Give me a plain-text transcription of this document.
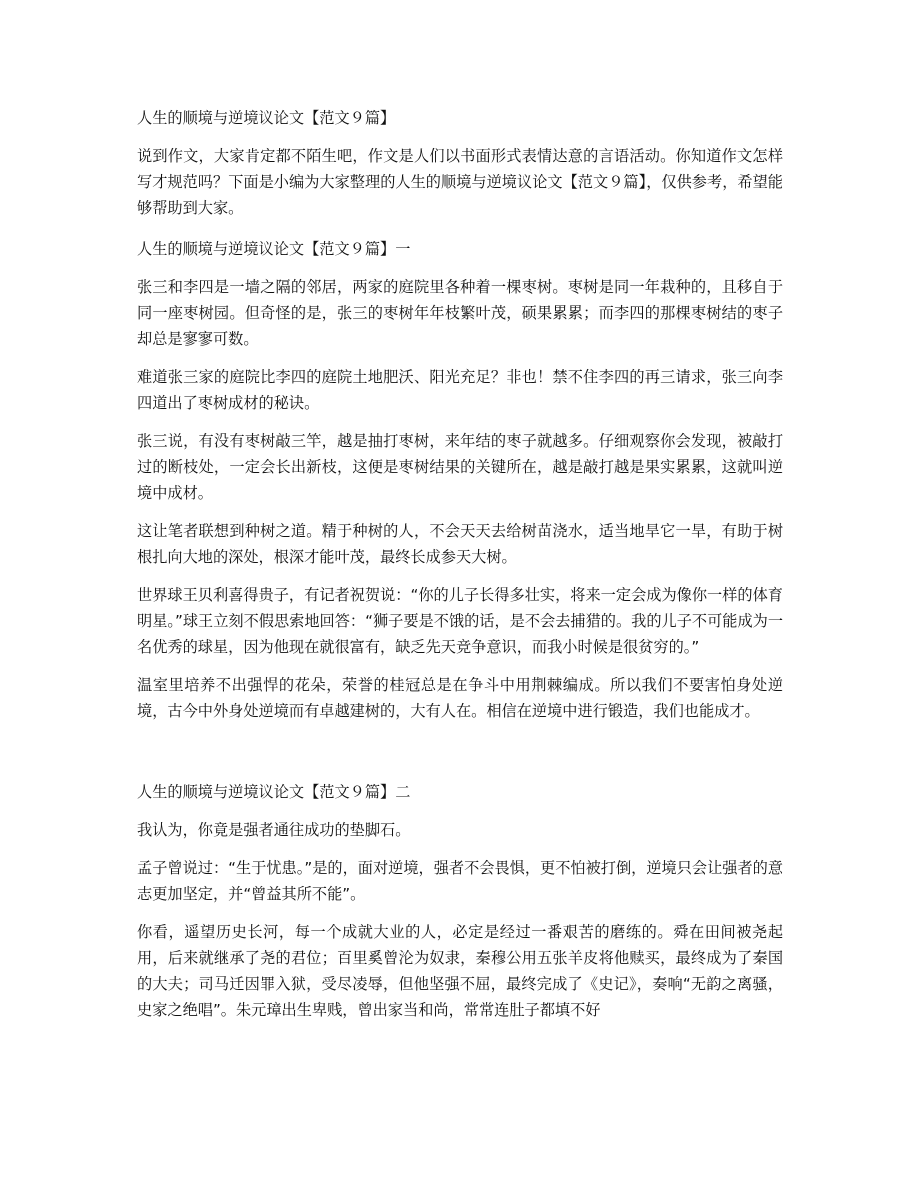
人生的顺境与逆境议论文【范文９篇】

说到作文，大家肯定都不陌生吧，作文是人们以书面形式表情达意的言语活动。你知道作文怎样写才规范吗？下面是小编为大家整理的人生的顺境与逆境议论文【范文９篇】，仅供参考，希望能够帮助到大家。

人生的顺境与逆境议论文【范文９篇】一

张三和李四是一墙之隔的邻居，两家的庭院里各种着一棵枣树。枣树是同一年栽种的，且移自于同一座枣树园。但奇怪的是，张三的枣树年年枝繁叶茂，硕果累累；而李四的那棵枣树结的枣子却总是寥寥可数。

难道张三家的庭院比李四的庭院土地肥沃、阳光充足？非也！禁不住李四的再三请求，张三向李四道出了枣树成材的秘诀。

张三说，有没有枣树敲三竿，越是抽打枣树，来年结的枣子就越多。仔细观察你会发现，被敲打过的断枝处，一定会长出新枝，这便是枣树结果的关键所在，越是敲打越是果实累累，这就叫逆境中成材。

这让笔者联想到种树之道。精于种树的人，不会天天去给树苗浇水，适当地旱它一旱，有助于树根扎向大地的深处，根深才能叶茂，最终长成参天大树。

世界球王贝利喜得贵子，有记者祝贺说：“你的儿子长得多壮实，将来一定会成为像你一样的体育明星。”球王立刻不假思索地回答：“狮子要是不饿的话，是不会去捕猎的。我的儿子不可能成为一名优秀的球星，因为他现在就很富有，缺乏先天竞争意识，而我小时候是很贫穷的。”

温室里培养不出强悍的花朵，荣誉的桂冠总是在争斗中用荆棘编成。所以我们不要害怕身处逆境，古今中外身处逆境而有卓越建树的，大有人在。相信在逆境中进行锻造，我们也能成才。

人生的顺境与逆境议论文【范文９篇】二

我认为，你竟是强者通往成功的垫脚石。

孟子曾说过：“生于忧患。”是的，面对逆境，强者不会畏惧，更不怕被打倒，逆境只会让强者的意志更加坚定，并“曾益其所不能”。

你看，遥望历史长河，每一个成就大业的人，必定是经过一番艰苦的磨练的。舜在田间被尧起用，后来就继承了尧的君位；百里奚曾沦为奴隶，秦穆公用五张羊皮将他赎买，最终成为了秦国的大夫；司马迁因罪入狱，受尽凌辱，但他坚强不屈，最终完成了《史记》，奏响“无韵之离骚，史家之绝唱”。朱元璋出生卑贱，曾出家当和尚，常常连肚子都填不好
